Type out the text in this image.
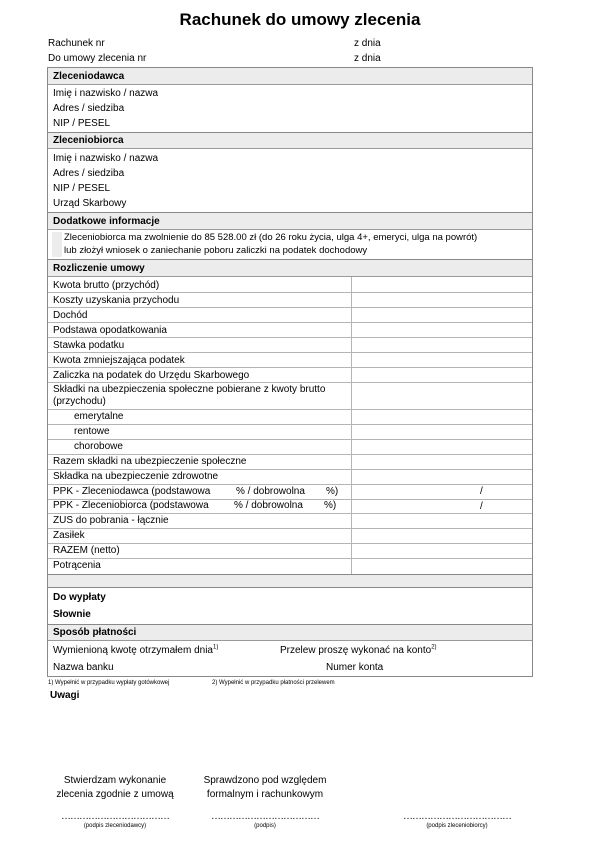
Rachunek do umowy zlecenia
Rachunek nr	z dnia
Do umowy zlecenia nr	z dnia
Zleceniodawca
Imię i nazwisko / nazwa
Adres / siedziba
NIP / PESEL
Zleceniobiorca
Imię i nazwisko / nazwa
Adres / siedziba
NIP / PESEL
Urząd Skarbowy
Dodatkowe informacje
Zleceniobiorca ma zwolnienie do 85 528.00 zł (do 26 roku życia, ulga 4+, emeryci, ulga na powrót)
lub złożył wniosek o zaniechanie poboru zaliczki na podatek dochodowy
Rozliczenie umowy
Kwota brutto (przychód)
Koszty uzyskania przychodu
Dochód
Podstawa opodatkowania
Stawka podatku
Kwota zmniejszająca podatek
Zaliczka na podatek do Urzędu Skarbowego
Składki na ubezpieczenia społeczne pobierane z kwoty brutto
(przychodu)
emerytalne
rentowe
chorobowe
Razem składki na ubezpieczenie społeczne
Składka na ubezpieczenie zdrowotne
PPK - Zleceniodawca (podstawowa	% / dobrowolna %)	/
PPK - Zleceniobiorca (podstawowa	% / dobrowolna %)	/
ZUS do pobrania - łącznie
Zasiłek
RAZEM (netto)
Potrącenia
Do wypłaty
Słownie
Sposób płatności
Wymienioną kwotę otrzymałem dnia$^{1)}$	Przelew proszę wykonać na konto$^{2)}$
Nazwa banku	Numer konta
1) Wypełnić w przypadku wypłaty gotówkowej	2) Wypełnić w przypadku płatności przelewem
Uwagi
Stwierdzam wykonanie
zlecenia zgodnie z umową
Sprawdzono pod względem
formalnym i rachunkowym
………………………………	………………………………	………………………………
(podpis zleceniodawcy)	(podpis)	(podpis zleceniobiorcy)
